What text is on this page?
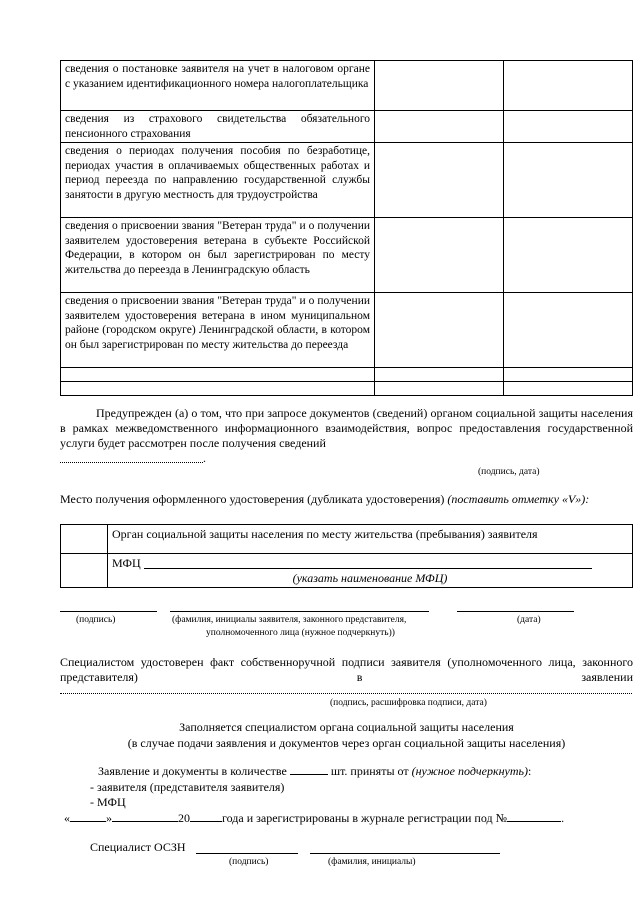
сведения о постановке заявителя на учет в налоговом органе с указанием идентификационного номера налогоплательщика		
сведения из страхового свидетельства обязательного пенсионного страхования		
сведения о периодах получения пособия по безработице, периодах участия в оплачиваемых общественных работах и период переезда по направлению государственной службы занятости в другую местность для трудоустройства		
сведения о присвоении звания "Ветеран труда" и о получении заявителем удостоверения ветерана в субъекте Российской Федерации, в котором он был зарегистрирован по месту жительства до переезда в Ленинградскую область		
сведения о присвоении звания "Ветеран труда" и о получении заявителем удостоверения ветерана в ином муниципальном районе (городском округе) Ленинградской области, в котором он был зарегистрирован по месту жительства до переезда		

Предупрежден (а) о том, что при запросе документов (сведений) органом социальной защиты населения в рамках межведомственного информационного взаимодействия, вопрос предоставления государственной услуги будет рассмотрен после получения сведений
.
(подпись, дата)
Место получения оформленного удостоверения (дубликата удостоверения) (поставить отметку «V»):
	Орган социальной защиты населения по месту жительства (пребывания) заявителя
	МФЦ
(указать наименование МФЦ)
(подпись)	(фамилия, инициалы заявителя, законного представителя,
уполномоченного лица (нужное подчеркнуть))
(дата)
Специалистом удостоверен факт собственноручной подписи заявителя (уполномоченного лица, законного представителя) в заявлении
(подпись, расшифровка подписи, дата)
Заполняется специалистом органа социальной защиты населения
(в случае подачи заявления и документов через орган социальной защиты населения)
Заявление и документы в количестве	шт. приняты от (нужное подчеркнуть):
- заявителя (представителя заявителя)
- МФЦ
«	»	20	года и зарегистрированы в журнале регистрации под №	.
Специалист ОСЗН
(подпись)	(фамилия, инициалы)
